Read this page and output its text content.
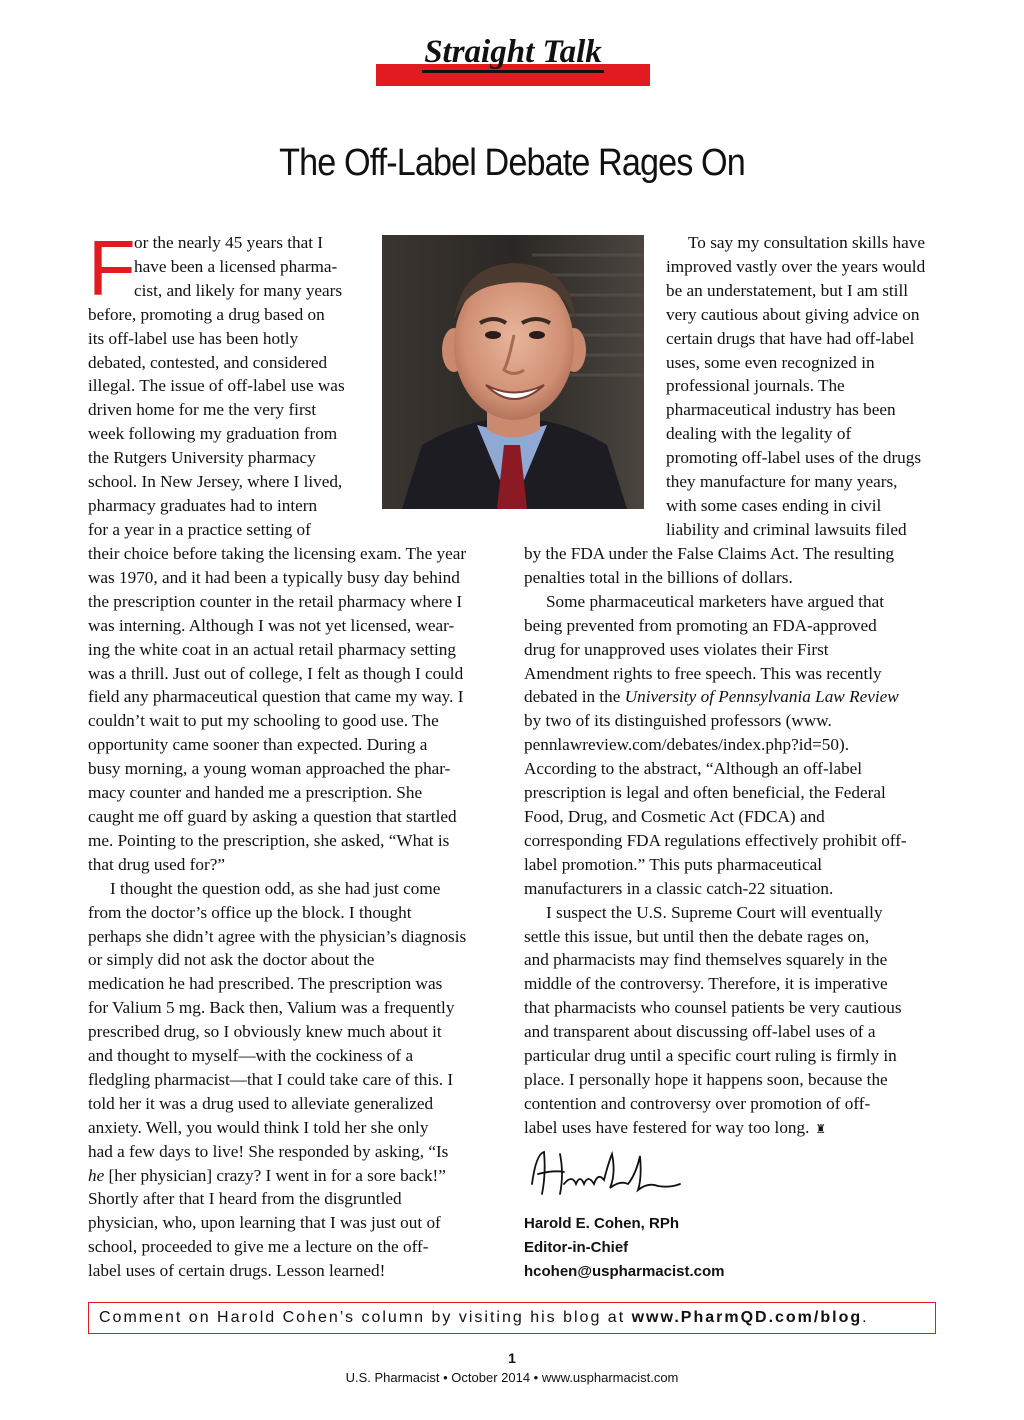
Straight Talk
The Off-Label Debate Rages On
F
or the nearly 45 years that I
have been a licensed pharma-
cist, and likely for many years
before, promoting a drug based on
its off-label use has been hotly
debated, contested, and considered
illegal. The issue of off-label use was
driven home for me the very first
week following my graduation from
the Rutgers University pharmacy
school. In New Jersey, where I lived,
pharmacy graduates had to intern
for a year in a practice setting of
their choice before taking the licensing exam. The year
was 1970, and it had been a typically busy day behind
the prescription counter in the retail pharmacy where I
was interning. Although I was not yet licensed, wear-
ing the white coat in an actual retail pharmacy setting
was a thrill. Just out of college, I felt as though I could
field any pharmaceutical question that came my way. I
couldn’t wait to put my schooling to good use. The
opportunity came sooner than expected. During a
busy morning, a young woman approached the phar-
macy counter and handed me a prescription. She
caught me off guard by asking a question that startled
me. Pointing to the prescription, she asked, “What is
that drug used for?”
I thought the question odd, as she had just come
from the doctor’s office up the block. I thought
perhaps she didn’t agree with the physician’s diagnosis
or simply did not ask the doctor about the
medication he had prescribed. The prescription was
for Valium 5 mg. Back then, Valium was a frequently
prescribed drug, so I obviously knew much about it
and thought to myself—with the cockiness of a
fledgling pharmacist—that I could take care of this. I
told her it was a drug used to alleviate generalized
anxiety. Well, you would think I told her she only
had a few days to live! She responded by asking, “Is
he [her physician] crazy? I went in for a sore back!”
Shortly after that I heard from the disgruntled
physician, who, upon learning that I was just out of
school, proceeded to give me a lecture on the off-
label uses of certain drugs. Lesson learned!
To say my consultation skills have
improved vastly over the years would
be an understatement, but I am still
very cautious about giving advice on
certain drugs that have had off-label
uses, some even recognized in
professional journals. The
pharmaceutical industry has been
dealing with the legality of
promoting off-label uses of the drugs
they manufacture for many years,
with some cases ending in civil
liability and criminal lawsuits filed
by the FDA under the False Claims Act. The resulting
penalties total in the billions of dollars.
Some pharmaceutical marketers have argued that
being prevented from promoting an FDA-approved
drug for unapproved uses violates their First
Amendment rights to free speech. This was recently
debated in the University of Pennsylvania Law Review
by two of its distinguished professors (www.
pennlawreview.com/debates/index.php?id=50).
According to the abstract, “Although an off-label
prescription is legal and often beneficial, the Federal
Food, Drug, and Cosmetic Act (FDCA) and
corresponding FDA regulations effectively prohibit off-
label promotion.” This puts pharmaceutical
manufacturers in a classic catch-22 situation.
I suspect the U.S. Supreme Court will eventually
settle this issue, but until then the debate rages on,
and pharmacists may find themselves squarely in the
middle of the controversy. Therefore, it is imperative
that pharmacists who counsel patients be very cautious
and transparent about discussing off-label uses of a
particular drug until a specific court ruling is firmly in
place. I personally hope it happens soon, because the
contention and controversy over promotion of off-
label uses have festered for way too long. ♜
Harold E. Cohen, RPh
Editor-in-Chief
hcohen@uspharmacist.com
Comment on Harold Cohen’s column by visiting his blog at www.PharmQD.com/blog.
1
U.S. Pharmacist • October 2014 • www.uspharmacist.com
